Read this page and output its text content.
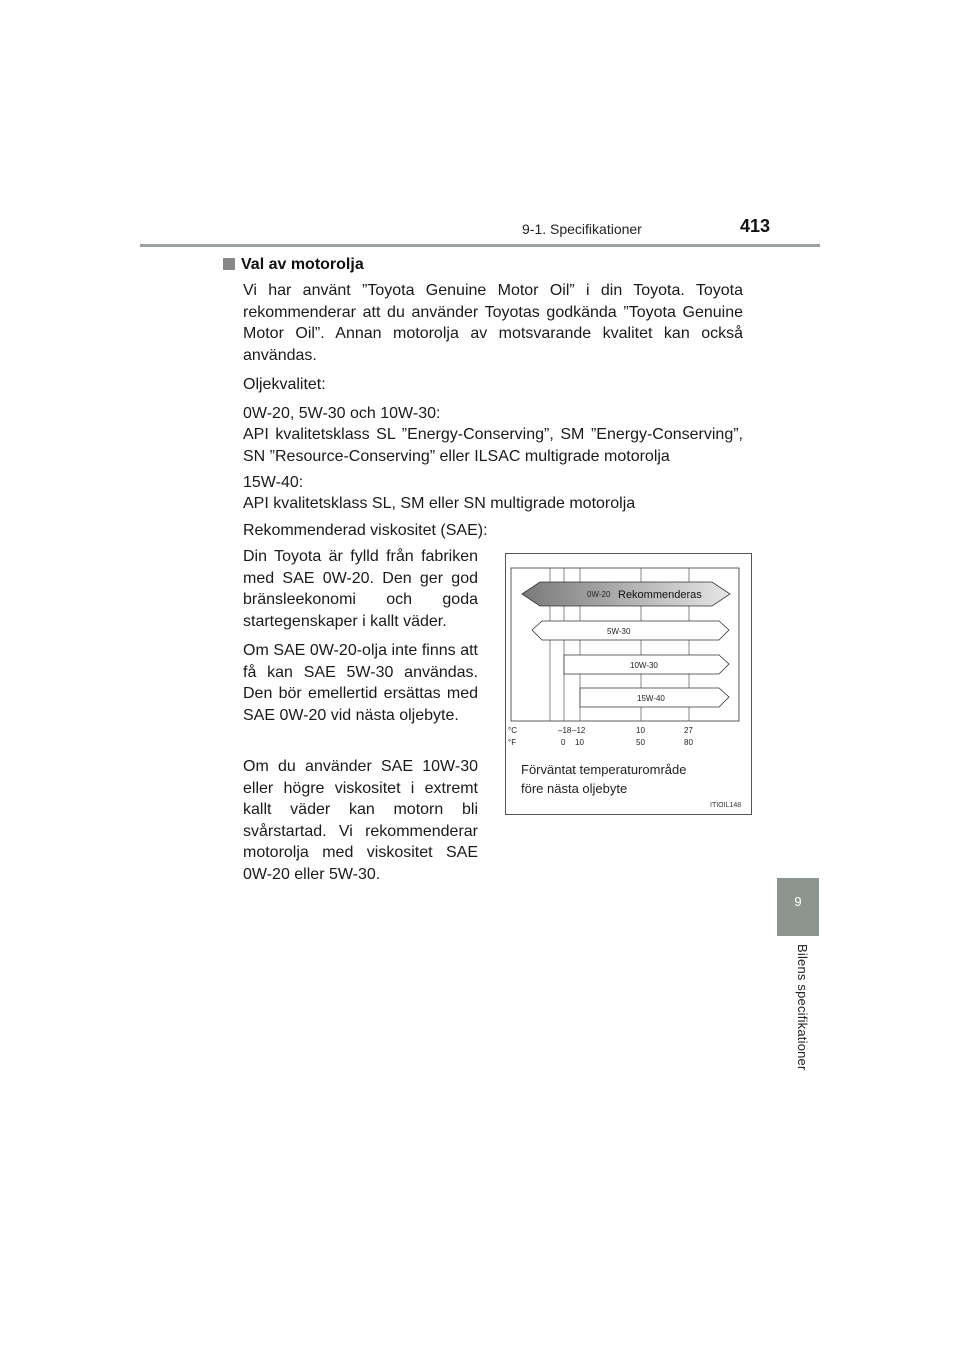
9-1. Specifikationer	413
9
Bilens specifikationer
Val av motorolja
Vi har använt ”Toyota Genuine Motor Oil” i din Toyota. Toyota rekommenderar att du använder Toyotas godkända ”Toyota Genuine Motor Oil”. Annan motorolja av motsvarande kvalitet kan också användas.
Oljekvalitet:
0W-20, 5W-30 och 10W-30:
API kvalitetsklass SL ”Energy-Conserving”, SM ”Energy-Conserving”, SN ”Resource-Conserving” eller ILSAC multigrade motorolja
15W-40:
API kvalitetsklass SL, SM eller SN multigrade motorolja
Rekommenderad viskositet (SAE):
Din Toyota är fylld från fabriken med SAE 0W-20. Den ger god bränsleekonomi och goda startegenskaper i kallt väder.
Om SAE 0W-20-olja inte finns att få kan SAE 5W-30 användas. Den bör emellertid ersättas med SAE 0W-20 vid nästa oljebyte.
Om du använder SAE 10W-30 eller högre viskositet i extremt kallt väder kan motorn bli svårstartad. Vi rekommenderar motorolja med viskositet SAE 0W-20 eller 5W-30.
0W-20 Rekommenderas
5W-30
10W-30
15W-40
°C
°F
–18 –12	10	27
0 10	50	80
Förväntat temperaturområde
före nästa oljebyte
ITIOIL148
